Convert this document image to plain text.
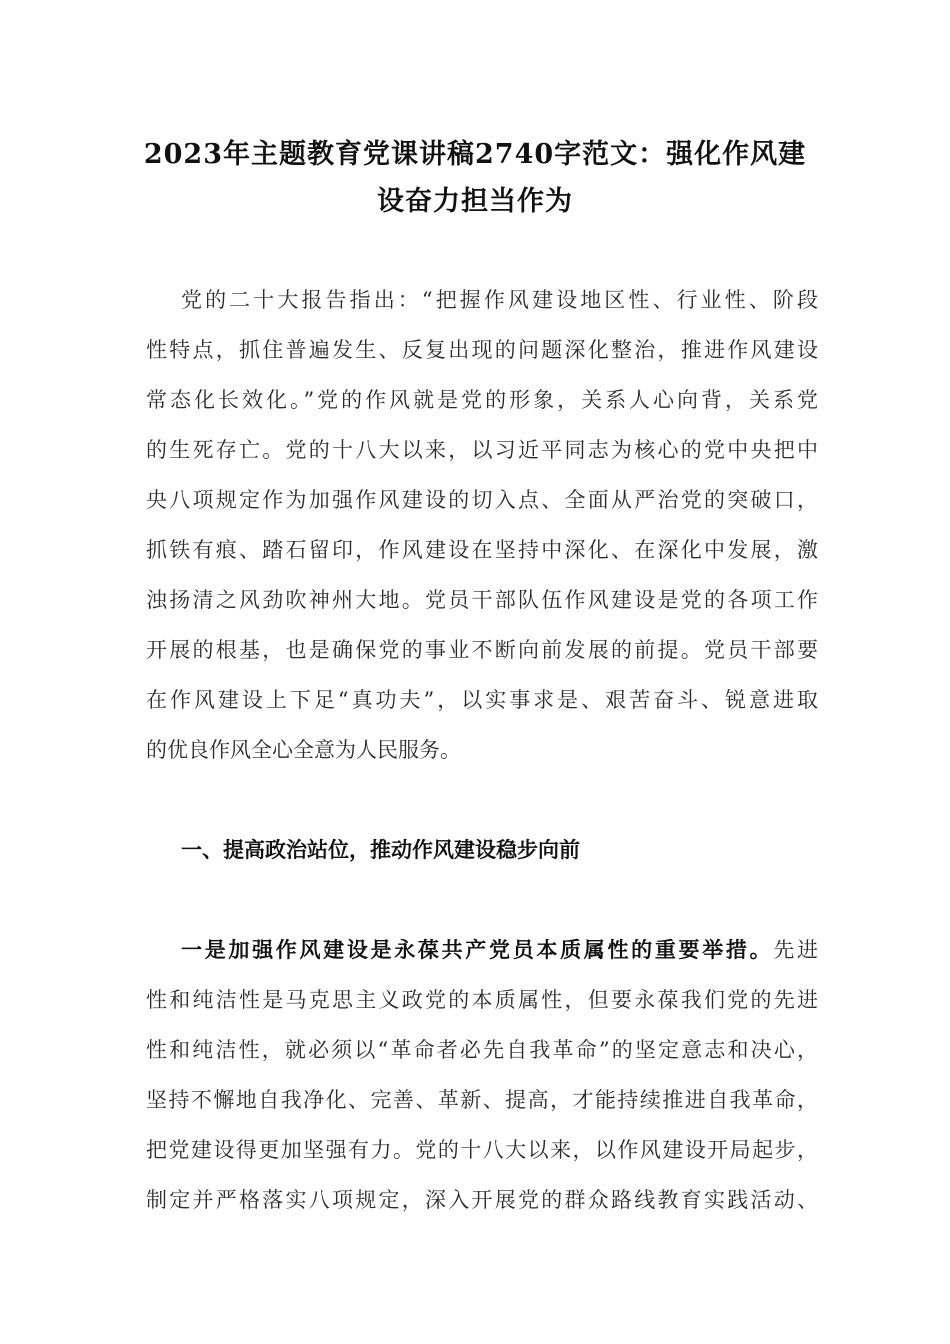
2023年主题教育党课讲稿2740字范文：强化作风建
设奋力担当作为
党的二十大报告指出：“把握作风建设地区性、行业性、阶段
性特点，抓住普遍发生、反复出现的问题深化整治，推进作风建设
常态化长效化。”党的作风就是党的形象，关系人心向背，关系党
的生死存亡。党的十八大以来，以习近平同志为核心的党中央把中
央八项规定作为加强作风建设的切入点、全面从严治党的突破口，
抓铁有痕、踏石留印，作风建设在坚持中深化、在深化中发展，激
浊扬清之风劲吹神州大地。党员干部队伍作风建设是党的各项工作
开展的根基，也是确保党的事业不断向前发展的前提。党员干部要
在作风建设上下足“真功夫”，以实事求是、艰苦奋斗、锐意进取
的优良作风全心全意为人民服务。
一、提高政治站位，推动作风建设稳步向前
一是加强作风建设是永葆共产党员本质属性的重要举措。先进
性和纯洁性是马克思主义政党的本质属性，但要永葆我们党的先进
性和纯洁性，就必须以“革命者必先自我革命”的坚定意志和决心，
坚持不懈地自我净化、完善、革新、提高，才能持续推进自我革命，
把党建设得更加坚强有力。党的十八大以来，以作风建设开局起步，
制定并严格落实八项规定，深入开展党的群众路线教育实践活动、
